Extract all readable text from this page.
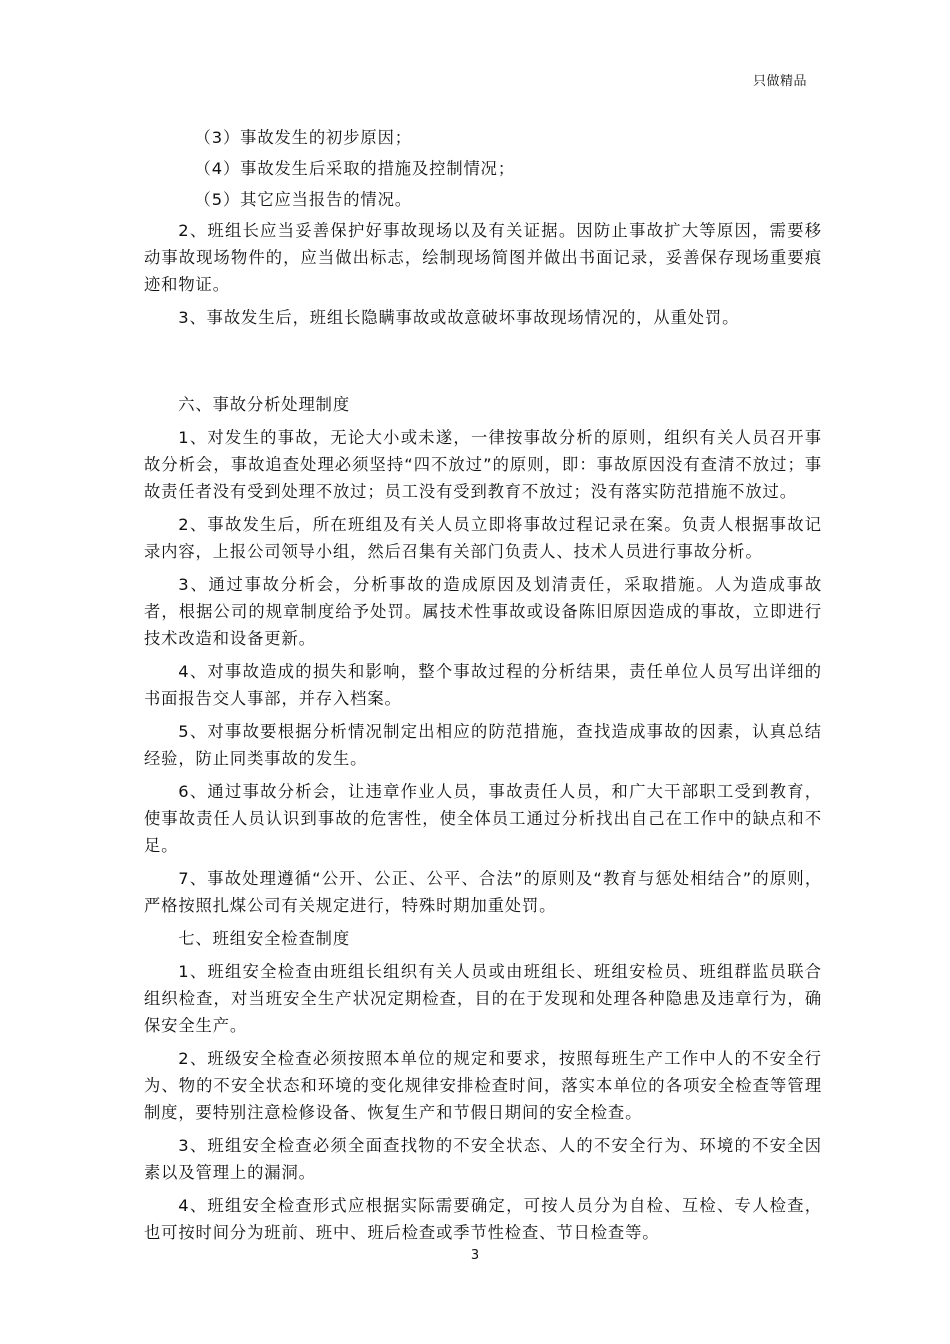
只做精品

（3）事故发生的初步原因；

（4）事故发生后采取的措施及控制情况；

（5）其它应当报告的情况。

2、班组长应当妥善保护好事故现场以及有关证据。因防止事故扩大等原因，需要移动事故现场物件的，应当做出标志，绘制现场简图并做出书面记录，妥善保存现场重要痕迹和物证。

3、事故发生后，班组长隐瞒事故或故意破坏事故现场情况的，从重处罚。

六、事故分析处理制度

1、对发生的事故，无论大小或未遂，一律按事故分析的原则，组织有关人员召开事故分析会，事故追查处理必须坚持“四不放过”的原则，即：事故原因没有查清不放过；事故责任者没有受到处理不放过；员工没有受到教育不放过；没有落实防范措施不放过。

2、事故发生后，所在班组及有关人员立即将事故过程记录在案。负责人根据事故记录内容，上报公司领导小组，然后召集有关部门负责人、技术人员进行事故分析。

3、通过事故分析会，分析事故的造成原因及划清责任，采取措施。人为造成事故者，根据公司的规章制度给予处罚。属技术性事故或设备陈旧原因造成的事故，立即进行技术改造和设备更新。

4、对事故造成的损失和影响，整个事故过程的分析结果，责任单位人员写出详细的书面报告交人事部，并存入档案。

5、对事故要根据分析情况制定出相应的防范措施，查找造成事故的因素，认真总结经验，防止同类事故的发生。

6、通过事故分析会，让违章作业人员，事故责任人员，和广大干部职工受到教育，使事故责任人员认识到事故的危害性，使全体员工通过分析找出自己在工作中的缺点和不足。

7、事故处理遵循“公开、公正、公平、合法”的原则及“教育与惩处相结合”的原则，严格按照扎煤公司有关规定进行，特殊时期加重处罚。

七、班组安全检查制度

1、班组安全检查由班组长组织有关人员或由班组长、班组安检员、班组群监员联合组织检查，对当班安全生产状况定期检查，目的在于发现和处理各种隐患及违章行为，确保安全生产。

2、班级安全检查必须按照本单位的规定和要求，按照每班生产工作中人的不安全行为、物的不安全状态和环境的变化规律安排检查时间，落实本单位的各项安全检查等管理制度，要特别注意检修设备、恢复生产和节假日期间的安全检查。

3、班组安全检查必须全面查找物的不安全状态、人的不安全行为、环境的不安全因素以及管理上的漏洞。

4、班组安全检查形式应根据实际需要确定，可按人员分为自检、互检、专人检查，也可按时间分为班前、班中、班后检查或季节性检查、节日检查等。

3
